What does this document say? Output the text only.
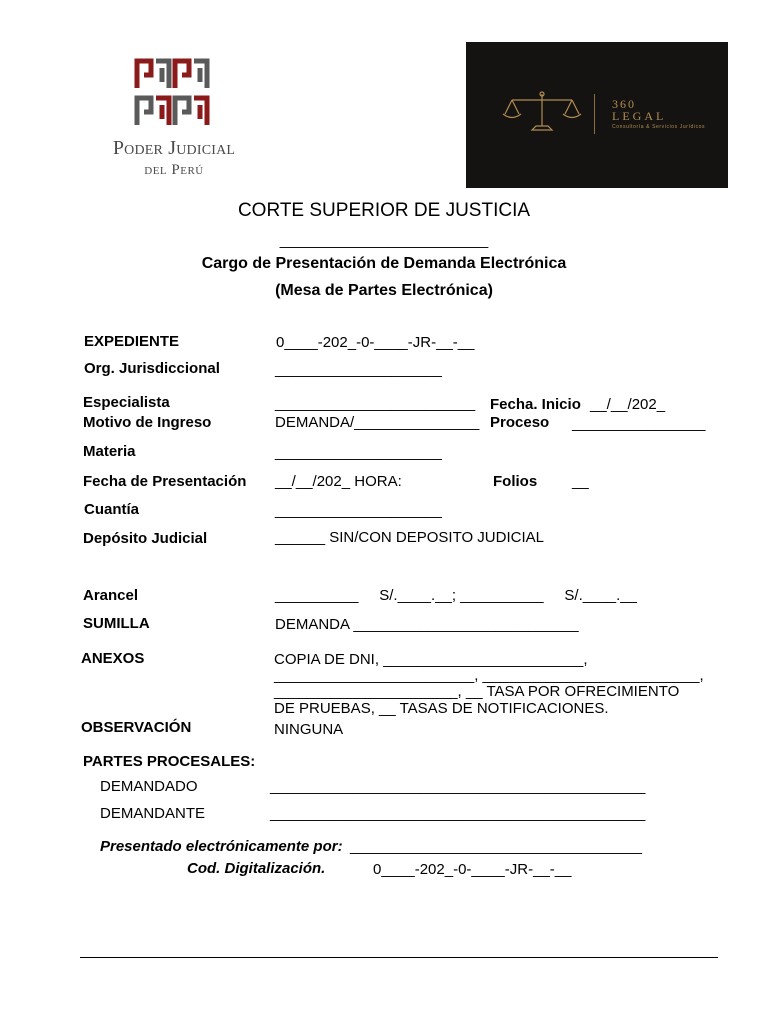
Poder Judicial
del Perú
360
LEGAL
Consultoría & Servicios Jurídicos
CORTE SUPERIOR DE JUSTICIA
_________________________
Cargo de Presentación de Demanda Electrónica
(Mesa de Partes Electrónica)
EXPEDIENTE	0____-202_-0-____-JR-__-__
Org. Jurisdiccional	____________________
Especialista	________________________ Fecha. Inicio __/__/202_
Motivo de Ingreso	DEMANDA/_______________ Proceso ________________
Materia	____________________
Fecha de Presentación __/__/202_ HORA:	Folios __
Cuantía	____________________
Depósito Judicial	______ SIN/CON DEPOSITO JUDICIAL
Arancel	__________     S/.____.__; __________     S/.____.__
SUMILLA	DEMANDA ___________________________
ANEXOS	COPIA DE DNI, ________________________,
________________________, __________________________,
______________________, __ TASA POR OFRECIMIENTO
DE PRUEBAS, __ TASAS DE NOTIFICACIONES.
OBSERVACIÓN	NINGUNA
PARTES PROCESALES:
DEMANDADO	_____________________________________________
DEMANDANTE	_____________________________________________
Presentado electrónicamente por: ___________________________________
Cod. Digitalización.	0____-202_-0-____-JR-__-__
